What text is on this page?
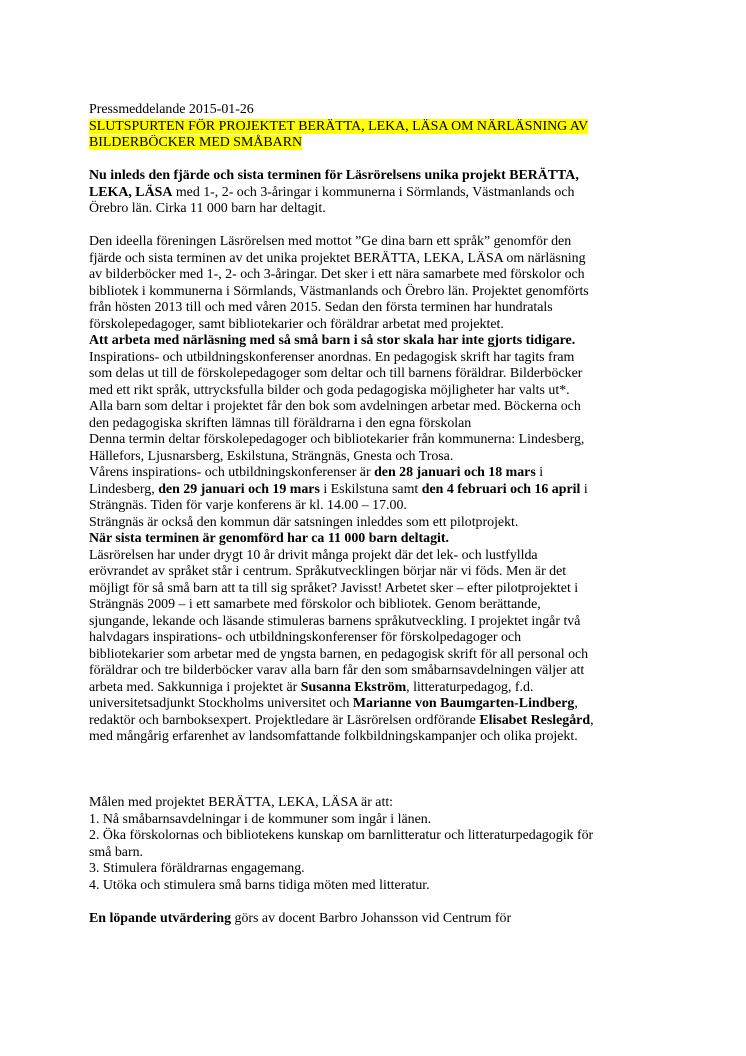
Pressmeddelande 2015-01-26
SLUTSPURTEN FÖR PROJEKTET BERÄTTA, LEKA, LÄSA OM NÄRLÄSNING AV
BILDERBÖCKER MED SMÅBARN
Nu inleds den fjärde och sista terminen för Läsrörelsens unika projekt BERÄTTA,
LEKA, LÄSA med 1-, 2- och 3-åringar i kommunerna i Sörmlands, Västmanlands och
Örebro län. Cirka 11 000 barn har deltagit.
Den ideella föreningen Läsrörelsen med mottot ”Ge dina barn ett språk” genomför den
fjärde och sista terminen av det unika projektet BERÄTTA, LEKA, LÄSA om närläsning
av bilderböcker med 1-, 2- och 3-åringar. Det sker i ett nära samarbete med förskolor och
bibliotek i kommunerna i Sörmlands, Västmanlands och Örebro län. Projektet genomförts
från hösten 2013 till och med våren 2015. Sedan den första terminen har hundratals
förskolepedagoger, samt bibliotekarier och föräldrar arbetat med projektet.
Att arbeta med närläsning med så små barn i så stor skala har inte gjorts tidigare.
Inspirations- och utbildningskonferenser anordnas. En pedagogisk skrift har tagits fram
som delas ut till de förskolepedagoger som deltar och till barnens föräldrar. Bilderböcker
med ett rikt språk, uttrycksfulla bilder och goda pedagogiska möjligheter har valts ut*.
Alla barn som deltar i projektet får den bok som avdelningen arbetar med. Böckerna och
den pedagogiska skriften lämnas till föräldrarna i den egna förskolan
Denna termin deltar förskolepedagoger och bibliotekarier från kommunerna: Lindesberg,
Hällefors, Ljusnarsberg, Eskilstuna, Strängnäs, Gnesta och Trosa.
Vårens inspirations- och utbildningskonferenser är den 28 januari och 18 mars i
Lindesberg, den 29 januari och 19 mars i Eskilstuna samt den 4 februari och 16 april i
Strängnäs. Tiden för varje konferens är kl. 14.00 – 17.00.
Strängnäs är också den kommun där satsningen inleddes som ett pilotprojekt.
När sista terminen är genomförd har ca 11 000 barn deltagit.
Läsrörelsen har under drygt 10 år drivit många projekt där det lek- och lustfyllda
erövrandet av språket står i centrum. Språkutvecklingen börjar när vi föds. Men är det
möjligt för så små barn att ta till sig språket? Javisst! Arbetet sker – efter pilotprojektet i
Strängnäs 2009 – i ett samarbete med förskolor och bibliotek. Genom berättande,
sjungande, lekande och läsande stimuleras barnens språkutveckling. I projektet ingår två
halvdagars inspirations- och utbildningskonferenser för förskolpedagoger och
bibliotekarier som arbetar med de yngsta barnen, en pedagogisk skrift för all personal och
föräldrar och tre bilderböcker varav alla barn får den som småbarnsavdelningen väljer att
arbeta med. Sakkunniga i projektet är Susanna Ekström, litteraturpedagog, f.d.
universitetsadjunkt Stockholms universitet och Marianne von Baumgarten-Lindberg,
redaktör och barnboksexpert. Projektledare är Läsrörelsen ordförande Elisabet Reslegård,
med mångårig erfarenhet av landsomfattande folkbildningskampanjer och olika projekt.
Målen med projektet BERÄTTA, LEKA, LÄSA är att:
1. Nå småbarnsavdelningar i de kommuner som ingår i länen.
2. Öka förskolornas och bibliotekens kunskap om barnlitteratur och litteraturpedagogik för
små barn.
3. Stimulera föräldrarnas engagemang.
4. Utöka och stimulera små barns tidiga möten med litteratur.
En löpande utvärdering görs av docent Barbro Johansson vid Centrum för
